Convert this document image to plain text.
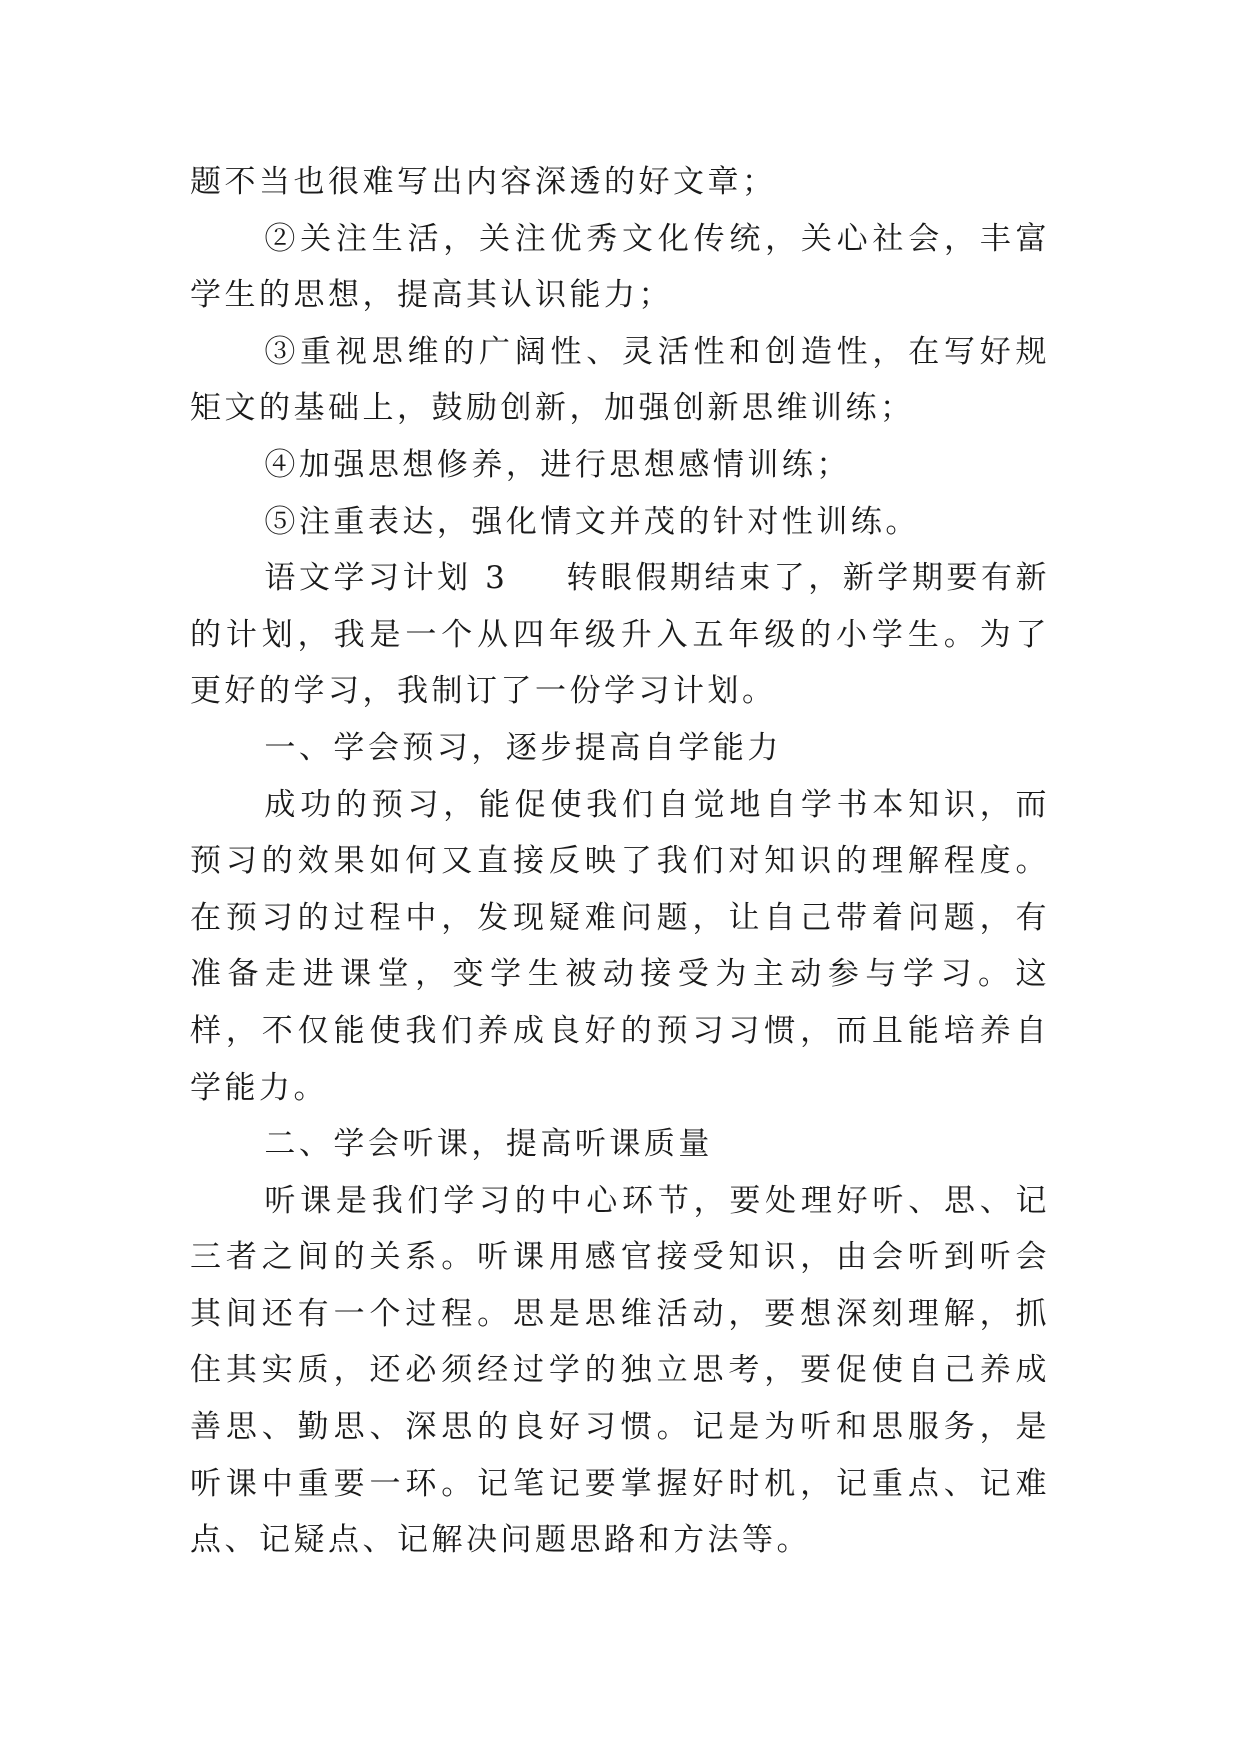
题不当也很难写出内容深透的好文章；

②关注生活，关注优秀文化传统，关心社会，丰富学生的思想，提高其认识能力；

③重视思维的广阔性、灵活性和创造性，在写好规矩文的基础上，鼓励创新，加强创新思维训练；

④加强思想修养，进行思想感情训练；

⑤注重表达，强化情文并茂的针对性训练。

语文学习计划 3 转眼假期结束了，新学期要有新的计划，我是一个从四年级升入五年级的小学生。为了更好的学习，我制订了一份学习计划。

一、学会预习，逐步提高自学能力

成功的预习，能促使我们自觉地自学书本知识，而预习的效果如何又直接反映了我们对知识的理解程度。在预习的过程中，发现疑难问题，让自己带着问题，有准备走进课堂，变学生被动接受为主动参与学习。这样，不仅能使我们养成良好的预习习惯，而且能培养自学能力。

二、学会听课，提高听课质量

听课是我们学习的中心环节，要处理好听、思、记三者之间的关系。听课用感官接受知识，由会听到听会其间还有一个过程。思是思维活动，要想深刻理解，抓住其实质，还必须经过学的独立思考，要促使自己养成善思、勤思、深思的良好习惯。记是为听和思服务，是听课中重要一环。记笔记要掌握好时机，记重点、记难点、记疑点、记解决问题思路和方法等。
